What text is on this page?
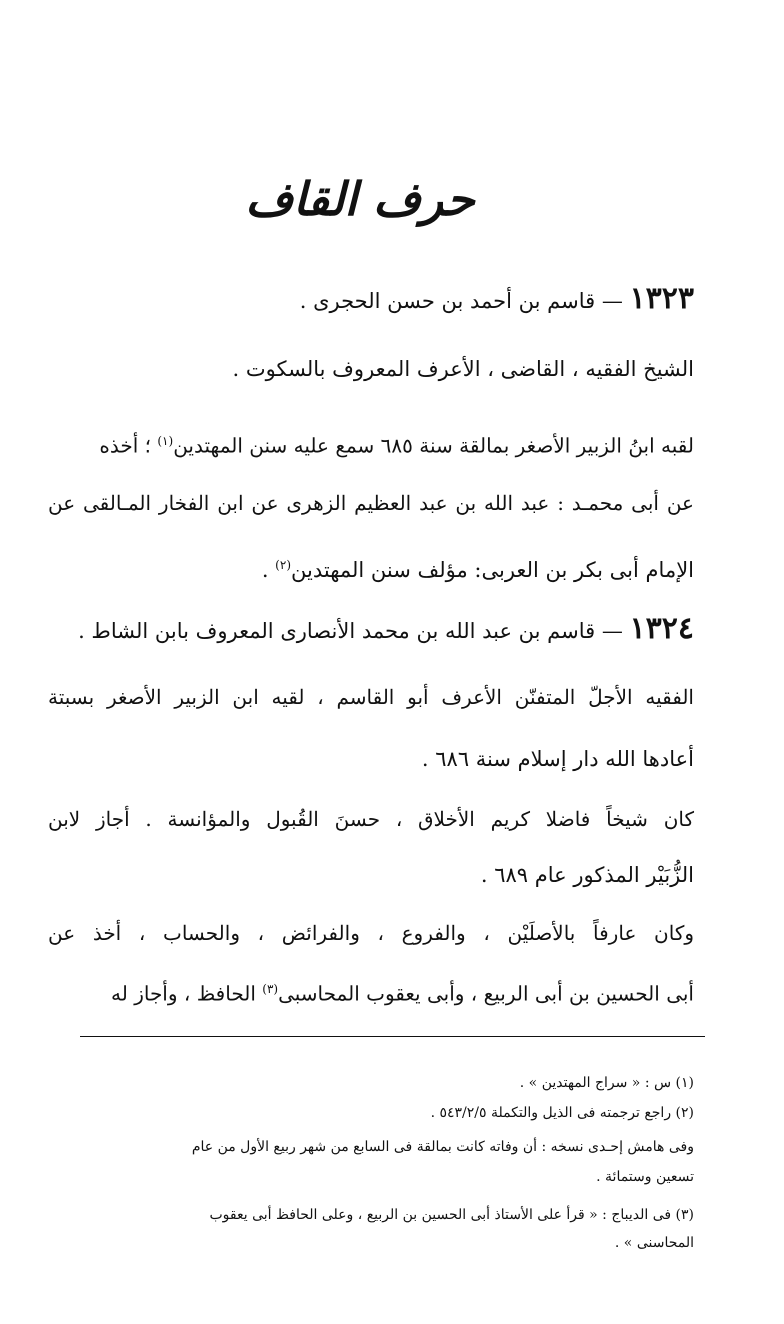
حرف القاف
١٣٢٣ — قاسم بن أحمد بن حسن الحجرى .
الشيخ الفقيه ، القاضى ، الأعرف المعروف بالسكوت .
لقبه ابنُ الزبير الأصغر بمالقة سنة ٦٨٥ سمع عليه سنن المهتدين$^{(١)}$ ؛ أخذه
عن أبى محمـد : عبد الله بن عبد العظيم الزهرى عن ابن الفخار المـالقى عن
الإمام أبى بكر بن العربى: مؤلف سنن المهتدين$^{(٢)}$ .
١٣٢٤ — قاسم بن عبد الله بن محمد الأنصارى المعروف بابن الشاط .
الفقيه الأجلّ المتفنّن الأعرف أبو القاسم ، لقيه ابن الزبير الأصغر بسبتة
أعادها الله دار إسلام سنة ٦٨٦ .
كان شيخاً فاضلا كريم الأخلاق ، حسنَ القُبول والمؤانسة . أجاز لابن
الزُّبَيْر المذكور عام ٦٨٩ .
وكان عارفاً بالأصلَيْن ، والفروع ، والفرائض ، والحساب ، أخذ عن
أبى الحسين بن أبى الربيع ، وأبى يعقوب المحاسبى$^{(٣)}$ الحافظ ، وأجاز له
(١) س : « سراج المهتدين » .
(٢) راجع ترجمته فى الذيل والتكملة ٥٤٣/٢/٥ .
وفى هامش إحـدى نسخه : أن وفاته كانت بمالقة فى السابع من شهر ربيع الأول من عام
تسعين وستمائة .
(٣) فى الديباج : « قرأ على الأستاذ أبى الحسين بن الربيع ، وعلى الحافظ أبى يعقوب
المحاسنى » .
